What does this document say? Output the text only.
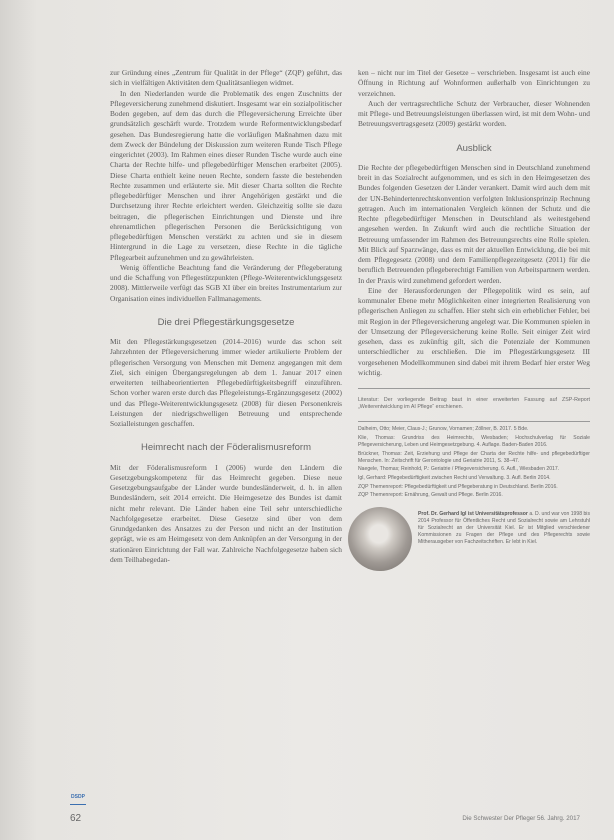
zur Gründung eines „Zentrum für Qualität in der Pflege“ (ZQP) geführt, das sich in vielfältigen Aktivitäten dem Qualitätsanliegen widmet.

In den Niederlanden wurde die Problematik des engen Zuschnitts der Pflegeversicherung zunehmend diskutiert. Insgesamt war ein sozialpolitischer Boden gegeben, auf dem das durch die Pflegeversicherung Erreichte über grundsätzlich geschärft wurde. Trotzdem wurde Reformentwicklungsbedarf gesehen. Das Bundesregierung hatte die vorläufigen Maßnahmen dazu mit dem Zweck der Bündelung der Diskussion zum weiteren Runde Tisch Pflege eingerichtet (2003). Im Rahmen eines dieser Runden Tische wurde auch eine Charta der Rechte hilfe- und pflegebedürftiger Menschen erarbeitet (2005). Diese Charta enthielt keine neuen Rechte, sondern fasste die bestehenden Rechte zusammen und erläuterte sie. Mit dieser Charta sollten die Rechte pflegebedürftiger Menschen und ihrer Angehörigen gestärkt und die Durchsetzung ihrer Rechte erleichtert werden. Gleichzeitig sollte sie dazu beitragen, die pflegerischen Einrichtungen und Dienste und ihre ehrenamtlichen pflegerischen Personen die Berücksichtigung von pflegebedürftigen Menschen verstärkt zu achten und sie in diesem Hintergrund in die Lage zu versetzen, diese Rechte in die tägliche Pflegearbeit aufzunehmen und zu gewährleisten.

Wenig öffentliche Beachtung fand die Veränderung der Pflegeberatung und die Schaffung von Pflegestützpunkten (Pflege-Weiterentwicklungsgesetz 2008). Mittlerweile verfügt das SGB XI über ein breites Instrumentarium zur Organisation eines individuellen Fallmanagements.

Die drei Pflegestärkungsgesetze

Mit den Pflegestärkungsgesetzen (2014–2016) wurde das schon seit Jahrzehnten der Pflegeversicherung immer wieder artikulierte Problem der pflegerischen Versorgung von Menschen mit Demenz angegangen mit dem Ziel, sich einigen Übergangsregelungen ab dem 1. Januar 2017 einen erweiterten teilhabeorientierten Pflegebedürftigkeitsbegriff einzuführen. Schon vorher waren erste durch das Pflegeleistungs-Ergänzungsgesetz (2002) und das Pflege-Weiterentwicklungsgesetz (2008) für diesen Personenkreis Leistungen der niedrigschwelligen Betreuung und entsprechende Sozialleistungen geschaffen.

Heimrecht nach der Föderalismusreform

Mit der Föderalismusreform I (2006) wurde den Ländern die Gesetzgebungskompetenz für das Heimrecht gegeben. Diese neue Gesetzgebungsaufgabe der Länder wurde bundesländerweit, d. h. in allen Bundesländern, seit 2014 erreicht. Die Heimgesetze des Bundes ist damit nicht mehr relevant. Die Länder haben eine Teil sehr unterschiedliche Nachfolgegesetze erarbeitet. Diese Gesetze sind über von dem Grundgedanken des Ansatzes zu der Person und nicht an der Institution geprägt, wie es am Heimgesetz von dem Anknüpfen an der Versorgung in der stationären Einrichtung der Fall war. Zahlreiche Nachfolgegesetze haben sich dem Teilhabegedan-

ken – nicht nur im Titel der Gesetze – verschrieben. Insgesamt ist auch eine Öffnung in Richtung auf Wohnformen außerhalb von Einrichtungen zu verzeichnen.

Auch der vertragsrechtliche Schutz der Verbraucher, dieser Wohnenden mit Pflege- und Betreuungsleistungen überlassen wird, ist mit dem Wohn- und Betreuungsvertragsgesetz (2009) gestärkt worden.

Ausblick

Die Rechte der pflegebedürftigen Menschen sind in Deutschland zunehmend breit in das Sozialrecht aufgenommen, und es sich in den Heimgesetzen des Bundes folgenden Gesetzen der Länder verankert. Damit wird auch dem mit der UN-Behindertenrechtskonvention verfolgten Inklusionsprinzip Rechnung getragen. Auch im internationalen Vergleich können der Schutz und die Rechte pflegebedürftiger Menschen in Deutschland als weitestgehend angesehen werden. In Zukunft wird auch die rechtliche Situation der Betreuung umfassender im Rahmen des Betreuungsrechts eine Rolle spielen. Mit Blick auf Sparzwänge, dass es mit der aktuellen Entwicklung, die bei mit dem Pflegegesetz (2008) und dem Familienpflegezeitgesetz (2011) für die beruflich Betreuenden pflegeberechtigt Familien von Arbeitspartnern werden. In der Praxis wird zunehmend gefordert werden.

Eine der Herausforderungen der Pflegepolitik wird es sein, auf kommunaler Ebene mehr Möglichkeiten einer integrierten Realisierung von pflegerischen Anliegen zu schaffen. Hier steht sich ein erheblicher Fehler, bei mit Region in der Pflegeversicherung angelegt war. Die Kommunen spielen in der Umsetzung der Pflegeversicherung keine Rolle. Seit einiger Zeit wird gesehen, dass es zukünftig gilt, sich die Potenziale der Kommunen unterschiedlicher zu erschließen. Die im Pflegestärkungsgesetz III vorgesehenen Modellkommunen sind dabei mit ihrem Bedarf hier erster Weg wichtig.

Literatur: Der vorliegende Beitrag baut in einer erweiterten Fassung auf ZSP-Report „Weiterentwicklung im AI Pflege“ erschienen.

Dalheim, Otto; Meier, Claus-J.; Grunow, Vornamen; Zöllner, B. 2017. 5 Bde.

Klie, Thomas: Grundriss des Heimrechts, Wiesbaden; Hochschulverlag für Soziale Pflegeversicherung, Leben und Heimgesetzgebung. 4. Auflage. Baden-Baden 2016.

Brückner, Thomas: Zeit, Erziehung und Pflege der Charta der Rechte hilfe- und pflegebedürftiger Menschen. In: Zeitschrift für Gerontologie und Geriatrie 2011, S. 38–47.

Naegele, Thomas; Reinhold, P.: Geriatrie / Pflegeversicherung. 6. Aufl., Wiesbaden 2017.

Igl, Gerhard: Pflegebedürftigkeit zwischen Recht und Verwaltung. 3. Aufl. Berlin 2014.

ZQP Themenreport: Pflegebedürftigkeit und Pflegeberatung in Deutschland. Berlin 2016.

ZQP Themenreport: Ernährung, Gewalt und Pflege. Berlin 2016.

Prof. Dr. Gerhard Igl ist Universitätsprofessor a. D. und war von 1998 bis 2014 Professor für Öffentliches Recht und Sozialrecht sowie am Lehrstuhl für Sozialrecht an der Universität Kiel. Er ist Mitglied verschiedener Kommissionen zu Fragen der Pflege und des Pflegerechts sowie Mitherausgeber von Fachzeitschriften. Er lebt in Kiel.
DSDP
62	Die Schwester Der Pfleger 56. Jahrg. 2017
